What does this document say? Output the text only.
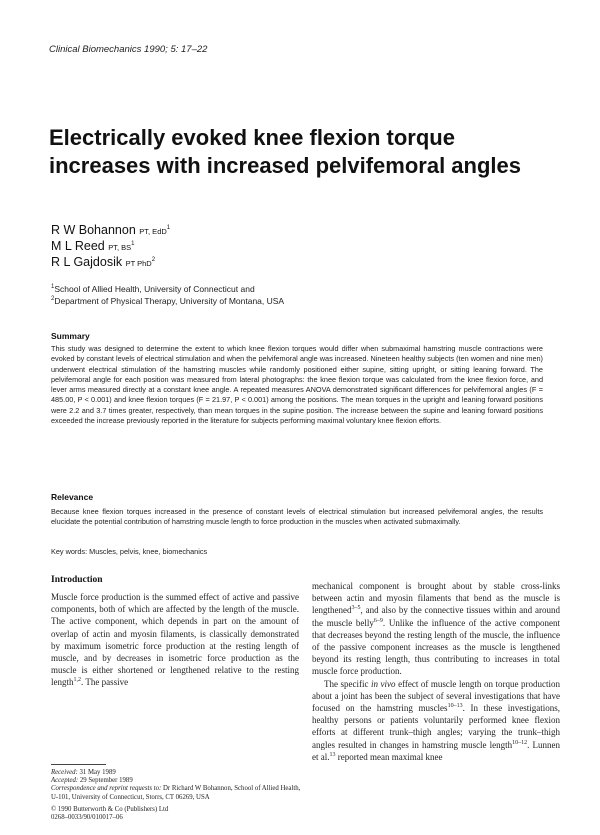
Clinical Biomechanics 1990; 5: 17–22
Electrically evoked knee flexion torque increases with increased pelvifemoral angles
R W Bohannon PT, EdD$^1$
M L Reed PT, $BS^1$
R L Gajdosik PT PhD$^2$
$^1$School of Allied Health, University of Connecticut and
$^2$Department of Physical Therapy, University of Montana, USA
Summary

This study was designed to determine the extent to which knee flexion torques would differ when submaximal hamstring muscle contractions were evoked by constant levels of electrical stimulation and when the pelvifemoral angle was increased. Nineteen healthy subjects (ten women and nine men) underwent electrical stimulation of the hamstring muscles while randomly positioned either supine, sitting upright, or sitting leaning forward. The pelvifemoral angle for each position was measured from lateral photographs: the knee flexion torque was calculated from the knee flexion force, and lever arms measured directly at a constant knee angle. A repeated measures ANOVA demonstrated significant differences for pelvifemoral angles (F = 485.00, P < 0.001) and knee flexion torques (F = 21.97, P < 0.001) among the positions. The mean torques in the upright and leaning forward positions were 2.2 and 3.7 times greater, respectively, than mean torques in the supine position. The increase between the supine and leaning forward positions exceeded the increase previously reported in the literature for subjects performing maximal voluntary knee flexion efforts.

Relevance

Because knee flexion torques increased in the presence of constant levels of electrical stimulation but increased pelvifemoral angles, the results elucidate the potential contribution of hamstring muscle length to force production in the muscles when activated submaximally.

Key words: Muscles, pelvis, knee, biomechanics
Introduction

Muscle force production is the summed effect of active and passive components, both of which are affected by the length of the muscle. The active component, which depends in part on the amount of overlap of actin and myosin filaments, is classically demonstrated by maximum isometric force production at the resting length of muscle, and by decreases in isometric force production as the muscle is either shortened or lengthened relative to the resting length$^{1,2}$. The passive

mechanical component is brought about by stable cross-links between actin and myosin filaments that bend as the muscle is lengthened$^{3-5}$, and also by the connective tissues within and around the muscle belly$^{6-9}$. Unlike the influence of the active component that decreases beyond the resting length of the muscle, the influence of the passive component increases as the muscle is lengthened beyond its resting length, thus contributing to increases in total muscle force production.

The specific in vivo effect of muscle length on torque production about a joint has been the subject of several investigations that have focused on the hamstring muscles$^{10-13}$. In these investigations, healthy persons or patients voluntarily performed knee flexion efforts at different trunk–thigh angles; varying the trunk–thigh angles resulted in changes in hamstring muscle length$^{10-12}$. Lunnen et al.$^{13}$ reported mean maximal knee

Received: 31 May 1989
Accepted: 29 September 1989
Correspondence and reprint requests to: Dr Richard W Bohannon, School of Allied Health, U-101, University of Connecticut, Storrs, CT 06269, USA
© 1990 Butterworth & Co (Publishers) Ltd
0268–0033/90/010017–06
